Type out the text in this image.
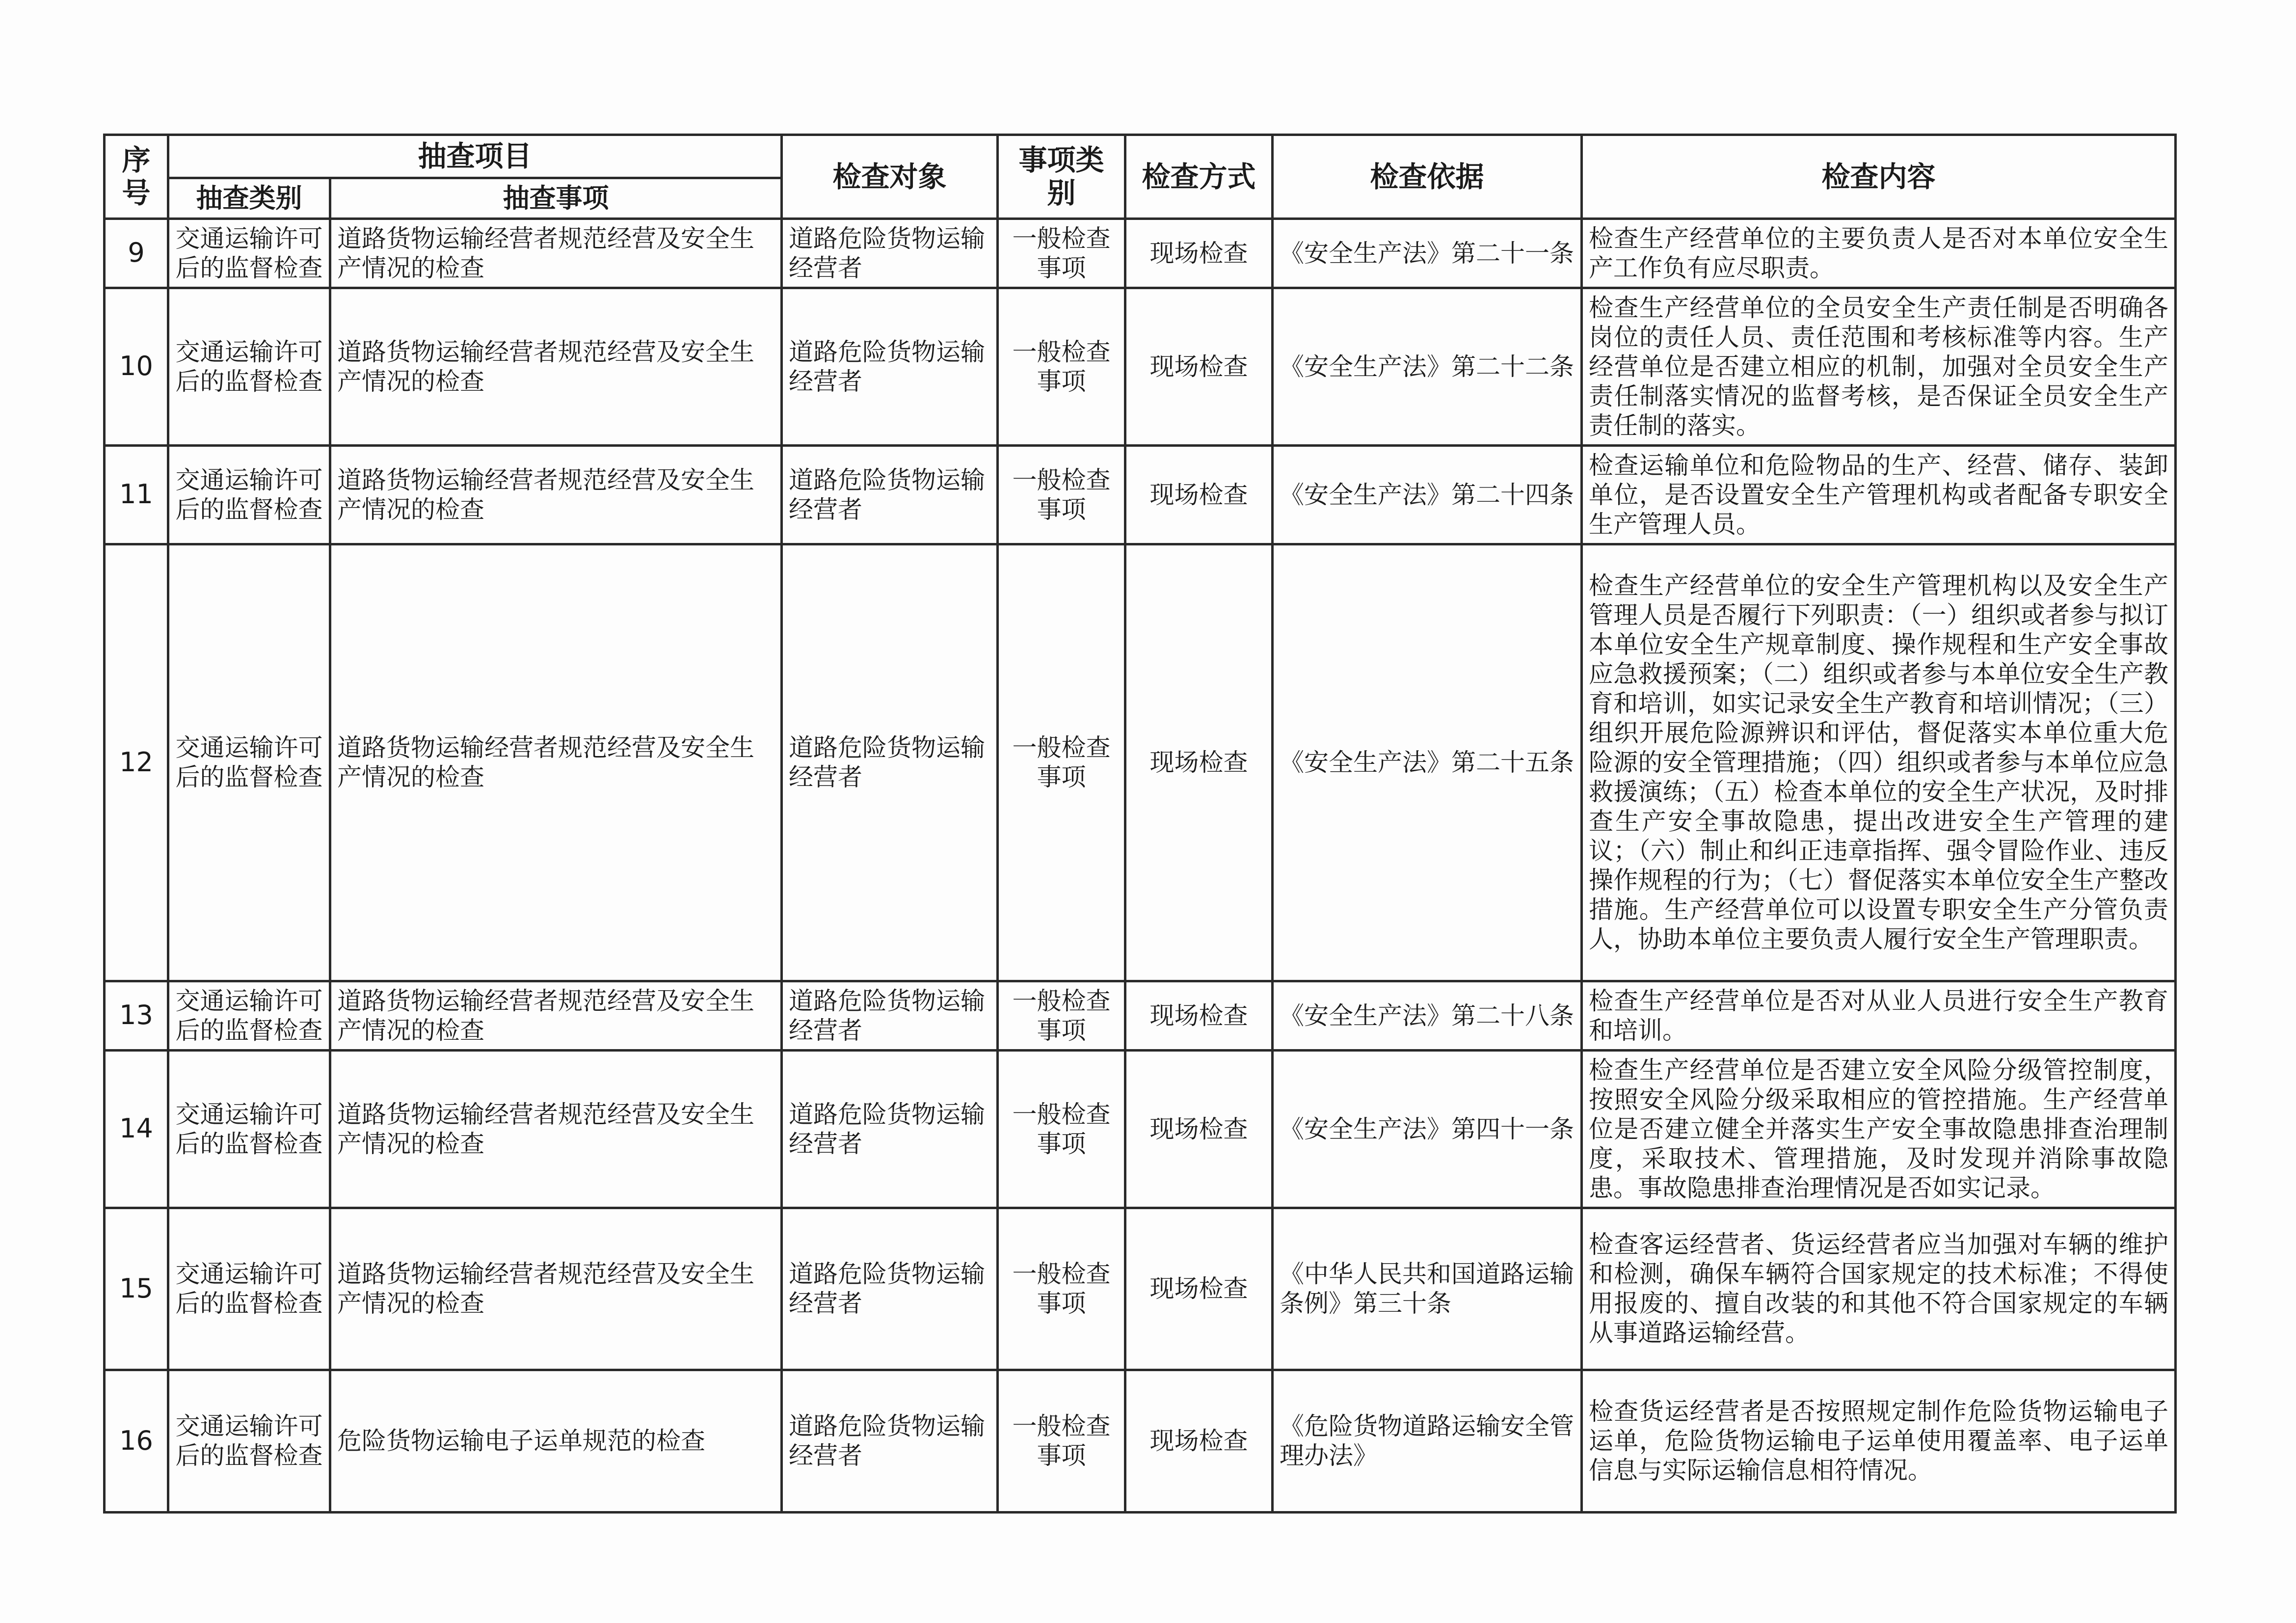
序号	抽查项目		检查对象	事项类别	检查方式	检查依据	检查内容
	抽查类别	抽查事项					
9	交通运输许可后的监督检查	道路货物运输经营者规范经营及安全生产情况的检查	道路危险货物运输经营者	一般检查事项	现场检查	《安全生产法》第二十一条	检查生产经营单位的主要负责人是否对本单位安全生产工作负有应尽职责。
10	交通运输许可后的监督检查	道路货物运输经营者规范经营及安全生产情况的检查	道路危险货物运输经营者	一般检查事项	现场检查	《安全生产法》第二十二条	检查生产经营单位的全员安全生产责任制是否明确各岗位的责任人员、责任范围和考核标准等内容。生产经营单位是否建立相应的机制，加强对全员安全生产责任制落实情况的监督考核，是否保证全员安全生产责任制的落实。
11	交通运输许可后的监督检查	道路货物运输经营者规范经营及安全生产情况的检查	道路危险货物运输经营者	一般检查事项	现场检查	《安全生产法》第二十四条	检查运输单位和危险物品的生产、经营、储存、装卸单位，是否设置安全生产管理机构或者配备专职安全生产管理人员。
12	交通运输许可后的监督检查	道路货物运输经营者规范经营及安全生产情况的检查	道路危险货物运输经营者	一般检查事项	现场检查	《安全生产法》第二十五条	检查生产经营单位的安全生产管理机构以及安全生产管理人员是否履行下列职责：（一）组织或者参与拟订本单位安全生产规章制度、操作规程和生产安全事故应急救援预案；（二）组织或者参与本单位安全生产教育和培训，如实记录安全生产教育和培训情况；（三）组织开展危险源辨识和评估，督促落实本单位重大危险源的安全管理措施；（四）组织或者参与本单位应急救援演练；（五）检查本单位的安全生产状况，及时排查生产安全事故隐患，提出改进安全生产管理的建议；（六）制止和纠正违章指挥、强令冒险作业、违反操作规程的行为；（七）督促落实本单位安全生产整改措施。生产经营单位可以设置专职安全生产分管负责人，协助本单位主要负责人履行安全生产管理职责。
13	交通运输许可后的监督检查	道路货物运输经营者规范经营及安全生产情况的检查	道路危险货物运输经营者	一般检查事项	现场检查	《安全生产法》第二十八条	检查生产经营单位是否对从业人员进行安全生产教育和培训。
14	交通运输许可后的监督检查	道路货物运输经营者规范经营及安全生产情况的检查	道路危险货物运输经营者	一般检查事项	现场检查	《安全生产法》第四十一条	检查生产经营单位是否建立安全风险分级管控制度，按照安全风险分级采取相应的管控措施。生产经营单位是否建立健全并落实生产安全事故隐患排查治理制度，采取技术、管理措施，及时发现并消除事故隐患。事故隐患排查治理情况是否如实记录。
15	交通运输许可后的监督检查	道路货物运输经营者规范经营及安全生产情况的检查	道路危险货物运输经营者	一般检查事项	现场检查	《中华人民共和国道路运输条例》第三十条	检查客运经营者、货运经营者应当加强对车辆的维护和检测，确保车辆符合国家规定的技术标准；不得使用报废的、擅自改装的和其他不符合国家规定的车辆从事道路运输经营。
16	交通运输许可后的监督检查	危险货物运输电子运单规范的检查	道路危险货物运输经营者	一般检查事项	现场检查	《危险货物道路运输安全管理办法》	检查货运经营者是否按照规定制作危险货物运输电子运单，危险货物运输电子运单使用覆盖率、电子运单信息与实际运输信息相符情况。
